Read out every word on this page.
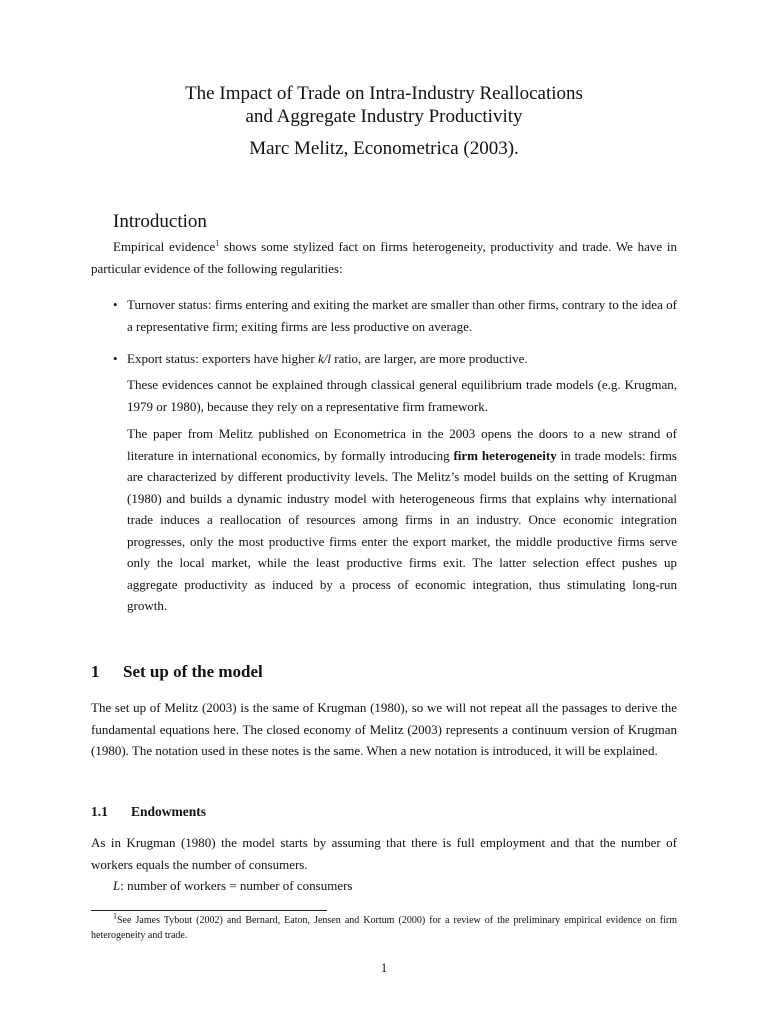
The Impact of Trade on Intra-Industry Reallocations
and Aggregate Industry Productivity
Marc Melitz, Econometrica (2003).
Introduction
Empirical evidence$^1$ shows some stylized fact on firms heterogeneity, productivity and trade. We have in particular evidence of the following regularities:
• Turnover status: firms entering and exiting the market are smaller than other firms, contrary to the idea of a representative firm; exiting firms are less productive on average.
• Export status: exporters have higher k/l ratio, are larger, are more productive.
These evidences cannot be explained through classical general equilibrium trade models (e.g. Krugman, 1979 or 1980), because they rely on a representative firm framework.
The paper from Melitz published on Econometrica in the 2003 opens the doors to a new strand of literature in international economics, by formally introducing firm heterogeneity in trade models: firms are characterized by different productivity levels. The Melitz’s model builds on the setting of Krugman (1980) and builds a dynamic industry model with heterogeneous firms that explains why international trade induces a reallocation of resources among firms in an industry. Once economic integration progresses, only the most productive firms enter the export market, the middle productive firms serve only the local market, while the least productive firms exit. The latter selection effect pushes up aggregate productivity as induced by a process of economic integration, thus stimulating long-run growth.
1 Set up of the model
The set up of Melitz (2003) is the same of Krugman (1980), so we will not repeat all the passages to derive the fundamental equations here. The closed economy of Melitz (2003) represents a continuum version of Krugman (1980). The notation used in these notes is the same. When a new notation is introduced, it will be explained.
1.1 Endowments
As in Krugman (1980) the model starts by assuming that there is full employment and that the number of workers equals the number of consumers.
L: number of workers = number of consumers
$^1$See James Tybout (2002) and Bernard, Eaton, Jensen and Kortum (2000) for a review of the preliminary empirical evidence on firm heterogeneity and trade.
1
